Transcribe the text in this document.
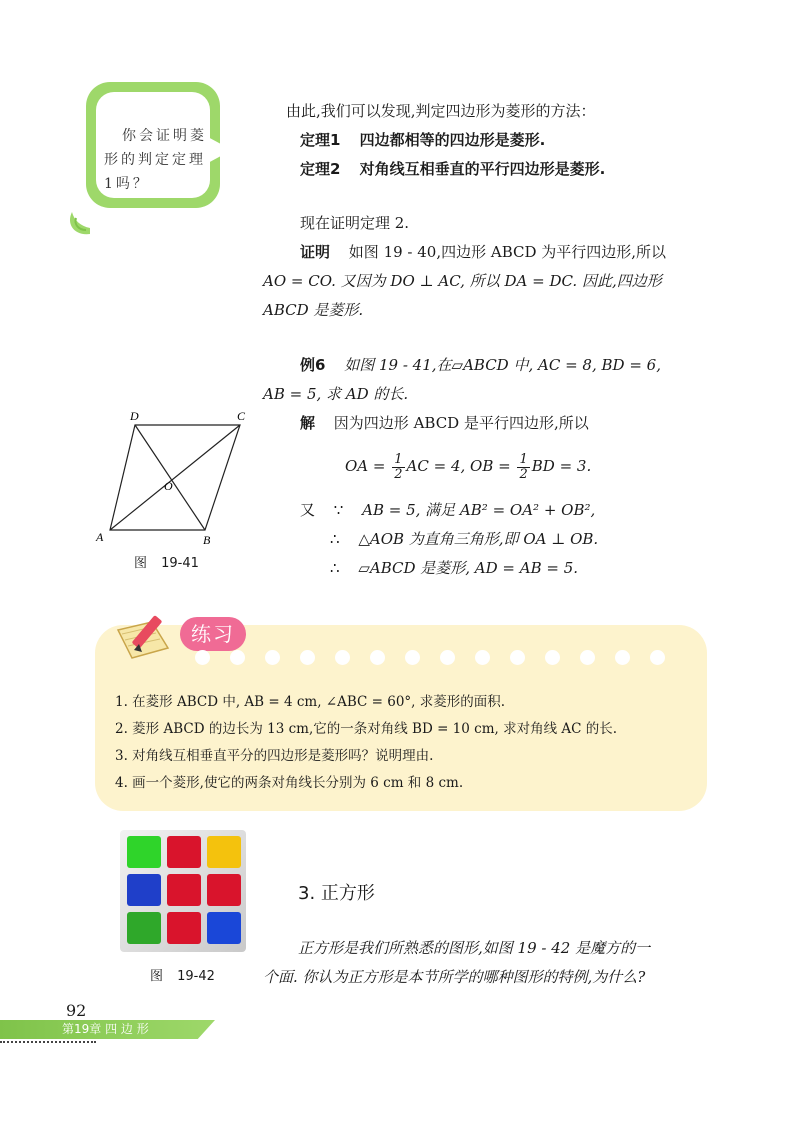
你会证明菱
形的判定定理
1吗？
由此,我们可以发现,判定四边形为菱形的方法：
定理1 四边都相等的四边形是菱形.
定理2 对角线互相垂直的平行四边形是菱形.
现在证明定理 2.
证明 如图 19 - 40,四边形 ABCD 为平行四边形,所以
AO = CO. 又因为 DO ⊥ AC, 所以 DA = DC. 因此,四边形
ABCD 是菱形.
例6 如图 19 - 41,在▱ABCD 中, AC = 8, BD = 6,
AB = 5, 求 AD 的长.
解 因为四边形 ABCD 是平行四边形,所以
OA = $\frac{1}{2}$ AC = 4, OB = $\frac{1}{2}$ BD = 3.
又 ∵ AB = 5, 满足 AB² = OA² + OB²,
∴ △AOB 为直角三角形,即 OA ⊥ OB.
∴ ▱ABCD 是菱形, AD = AB = 5.
A	B
C
D
O
图 19-41
练习
1. 在菱形 ABCD 中, AB = 4 cm, ∠ABC = 60°, 求菱形的面积.
2. 菱形 ABCD 的边长为 13 cm,它的一条对角线 BD = 10 cm, 求对角线 AC 的长.
3. 对角线互相垂直平分的四边形是菱形吗？说明理由.
4. 画一个菱形,使它的两条对角线长分别为 6 cm 和 8 cm.
图 19-42
3. 正方形
正方形是我们所熟悉的图形,如图 19 - 42 是魔方的一
个面. 你认为正方形是本节所学的哪种图形的特例,为什么?
92
第19章 四 边 形
